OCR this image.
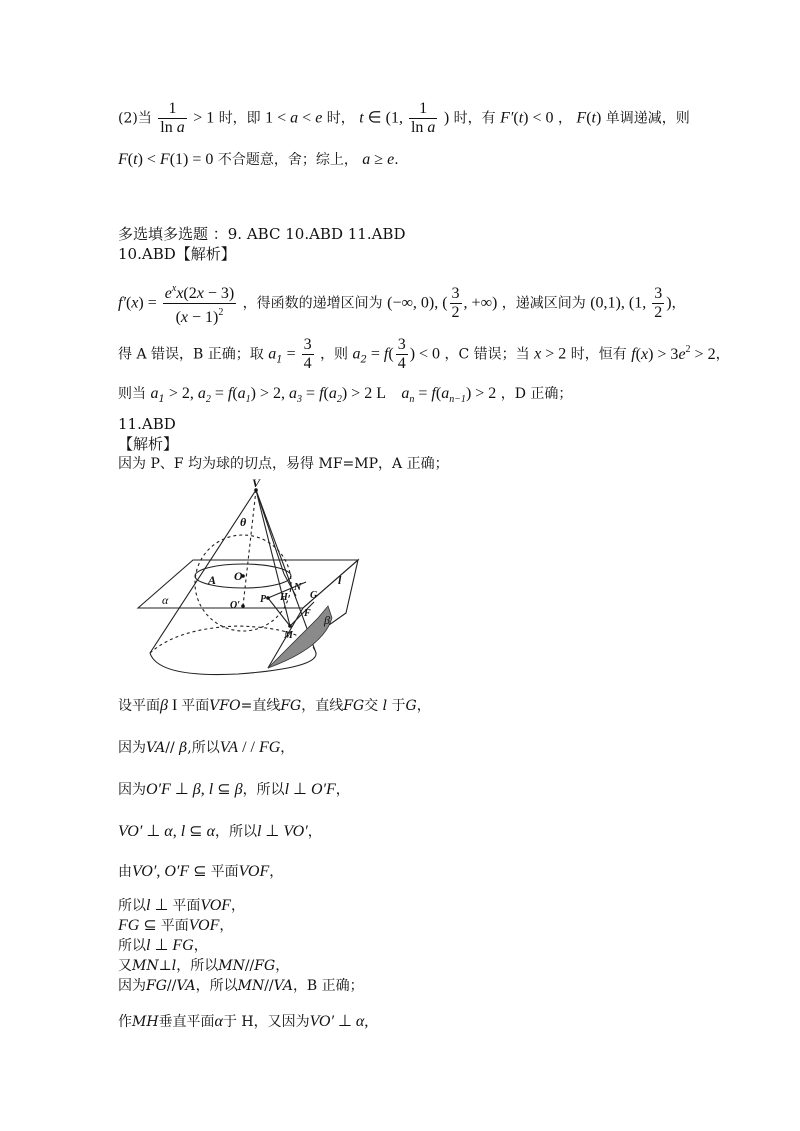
(2)当 $\frac{1}{\text{ln a}} > 1$ 时，即 1 < a < e 时， t ∈ (1, $\frac{1}{\text{ln a}}$ ) 时，有 F′(t) < 0 ， F(t) 单调递减，则
F(t) < F(1) = 0 不合题意，舍；综上， a ≥ e.
多选填多选题 ：9. ABC 10.ABD 11.ABD
10.ABD【解析】
$f'(x) = \frac{e^xx(2x - 3)}{(x - 1)^2}$ ，得函数的递增区间为 (−∞, 0), ( $\frac{3}{2}$ , +∞) ，递减区间为 (0,1), (1, $\frac{3}{2}$ )，
得 A 错误，B 正确；取 $a_1 = \frac{3}{4}$ ，则 $a_2 = f( \frac{3}{4}$ ) < 0 ，C 错误；当 x > 2 时，恒有 $f(x) > 3e^2 > 2$，
则当 $a_1 > 2$, $a_2 = f(a_1) > 2$, $a_3 = f(a_2) > 2$ L    $a_n = f(a_{n-1}) > 2$ ，D 正确；
11.ABD
【解析】
因为 P、F 均为球的切点，易得 MF=MP，A 正确；
V
θ
A O
O′
P H
N
G
F
M
l
α
β
设平面β I 平面VFO=直线FG，直线FG交 l 于G，
因为VA// β,所以VA / / FG，
因为O′F ⊥ β, l ⊆ β，所以l ⊥ O′F，
VO′ ⊥ α, l ⊆ α，所以l ⊥ VO′，
由VO′, O′F ⊆ 平面VOF，
所以l ⊥ 平面VOF，
FG ⊆ 平面VOF，
所以l ⊥ FG，
又MN⊥l，所以MN//FG，
因为FG//VA，所以MN//VA，B 正确；
作MH垂直平面α于 H，又因为VO′ ⊥ α,
